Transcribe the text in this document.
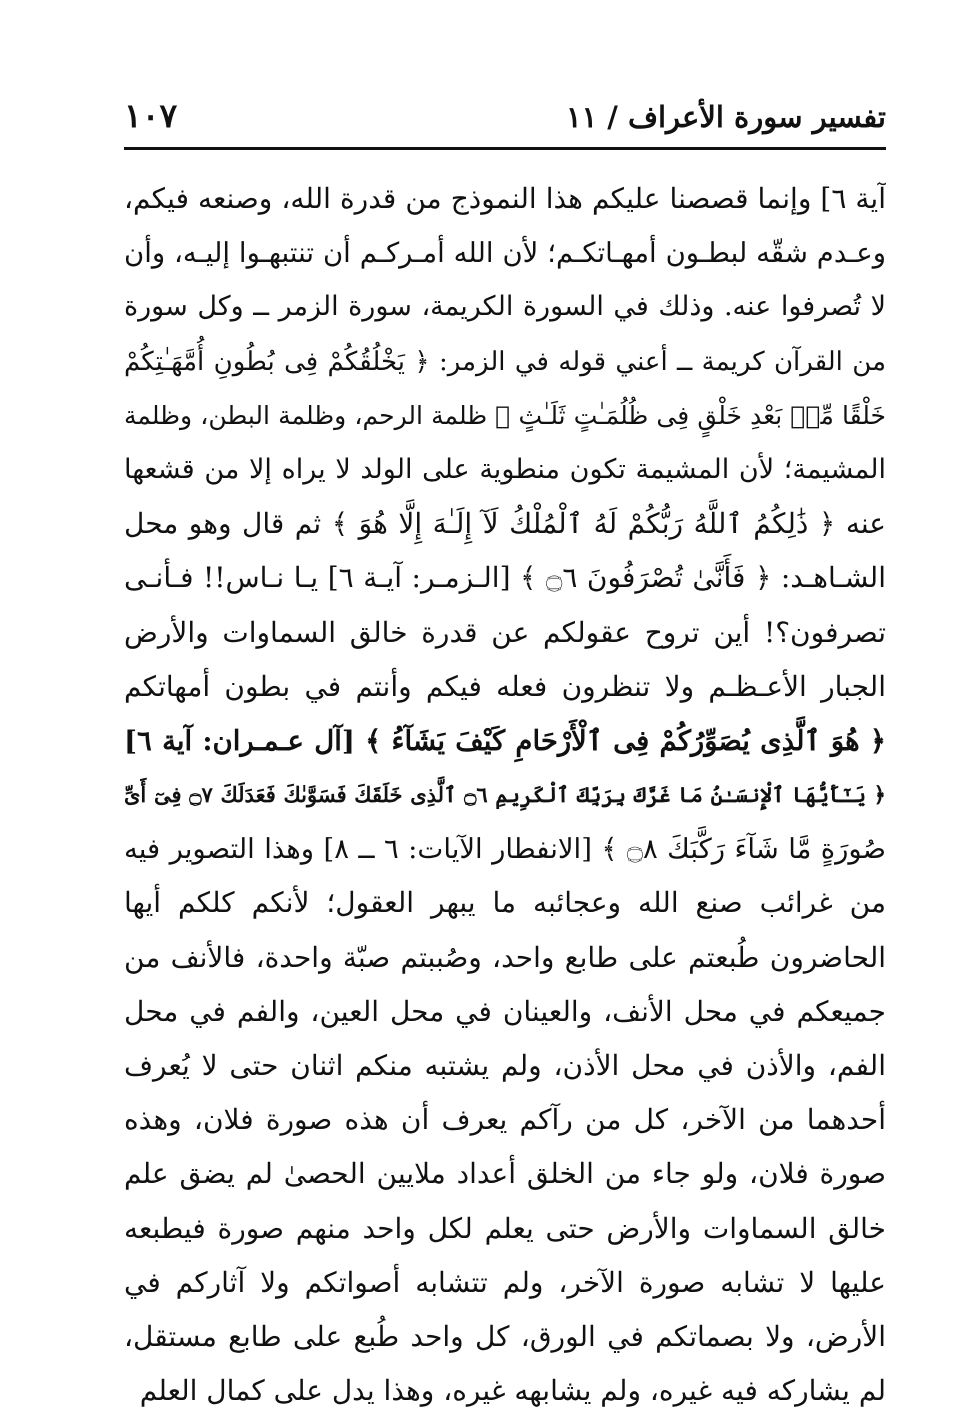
تفسير سورة الأعراف / ١١
١٠٧
آية ٦] وإنما قصصنا عليكم هذا النموذج من قدرة الله، وصنعه فيكم،
وعـدم شقّه لبطـون أمهـاتكـم؛ لأن الله أمـركـم أن تنتبهـوا إليـه، وأن
لا تُصرفوا عنه. وذلك في السورة الكريمة، سورة الزمر ــ وكل سورة
من القرآن كريمة ــ أعني قوله في الزمر: ﴿ يَخْلُقُكُمْ فِى بُطُونِ أُمَّهَـٰتِكُمْ
خَلْقًا مِّنۢ بَعْدِ خَلْقٍ فِى ظُلُمَـٰتٍ ثَلَـٰثٍ ﴾ ظلمة الرحم، وظلمة البطن، وظلمة
المشيمة؛ لأن المشيمة تكون منطوية على الولد لا يراه إلا من قشعها
عنه ﴿ ذَٰلِكُمُ ٱللَّهُ رَبُّكُمْ لَهُ ٱلْمُلْكُ لَآ إِلَـٰهَ إِلَّا هُوَ ﴾ ثم قال وهو محل
الشـاهـد: ﴿ فَأَنَّىٰ تُصْرَفُونَ ۝٦ ﴾ [الـزمـر: آيـة ٦] يـا نـاس!! فـأنـى
تصرفون؟! أين تروح عقولكم عن قدرة خالق السماوات والأرض
الجبار الأعـظـم ولا تنظرون فعله فيكم وأنتم في بطون أمهاتكم
﴿ هُوَ ٱلَّذِى يُصَوِّرُكُمْ فِى ٱلْأَرْحَامِ كَيْفَ يَشَآءُ ﴾ [آل عـمـران: آية ٦]
﴿ يَـٰٓأَيُّهَا ٱلْإِنسَـٰنُ مَا غَرَّكَ بِرَبِّكَ ٱلْكَرِيمِ ۝٦ ٱلَّذِى خَلَقَكَ فَسَوَّىٰكَ فَعَدَلَكَ ۝٧ فِىٓ أَىِّ
صُورَةٍ مَّا شَآءَ رَكَّبَكَ ۝٨ ﴾ [الانفطار الآيات: ٦ ــ ٨] وهذا التصوير فيه
من غرائب صنع الله وعجائبه ما يبهر العقول؛ لأنكم كلكم أيها
الحاضرون طُبعتم على طابع واحد، وصُببتم صبّة واحدة، فالأنف من
جميعكم في محل الأنف، والعينان في محل العين، والفم في محل
الفم، والأذن في محل الأذن، ولم يشتبه منكم اثنان حتى لا يُعرف
أحدهما من الآخر، كل من رآكم يعرف أن هذه صورة فلان، وهذه
صورة فلان، ولو جاء من الخلق أعداد ملايين الحصىٰ لم يضق علم
خالق السماوات والأرض حتى يعلم لكل واحد منهم صورة فيطبعه
عليها لا تشابه صورة الآخر، ولم تتشابه أصواتكم ولا آثاركم في
الأرض، ولا بصماتكم في الورق، كل واحد طُبع على طابع مستقل،
لم يشاركه فيه غيره، ولم يشابهه غيره، وهذا يدل على كمال العلم
